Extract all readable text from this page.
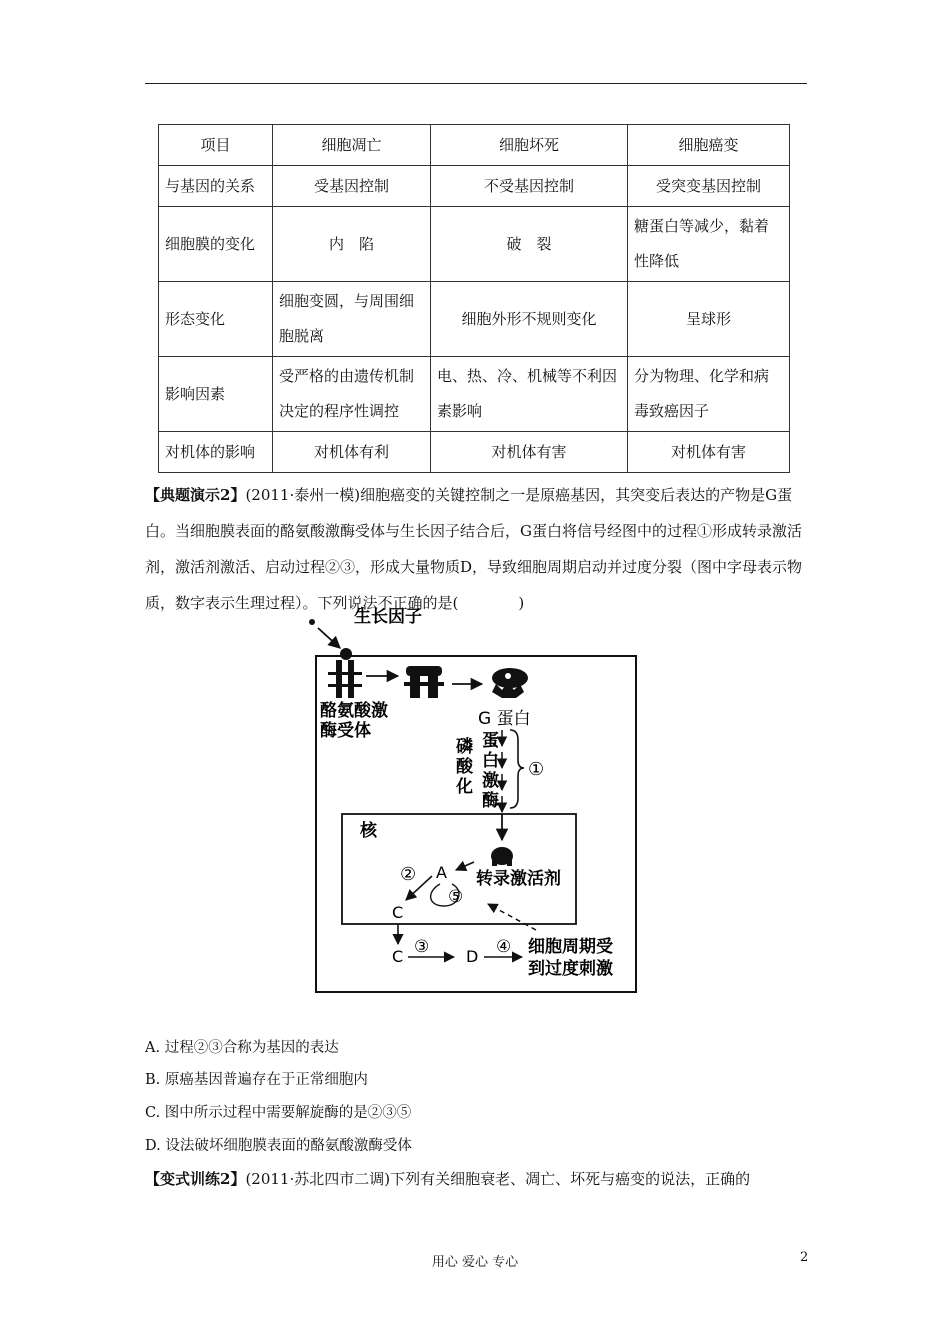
项目	细胞凋亡	细胞坏死	细胞癌变
与基因的关系	受基因控制	不受基因控制	受突变基因控制
细胞膜的变化	内　陷	破　裂	糖蛋白等减少，黏着性降低
形态变化	细胞变圆，与周围细胞脱离	细胞外形不规则变化	呈球形
影响因素	受严格的由遗传机制决定的程序性调控	电、热、冷、机械等不利因素影响	分为物理、化学和病毒致癌因子
对机体的影响	对机体有利	对机体有害	对机体有害

【典题演示2】(2011·泰州一模)细胞癌变的关键控制之一是原癌基因，其突变后表达的产物是G蛋白。当细胞膜表面的酪氨酸激酶受体与生长因子结合后，G蛋白将信号经图中的过程①形成转录激活剂，激活剂激活、启动过程②③，形成大量物质D，导致细胞周期启动并过度分裂（图中字母表示物质，数字表示生理过程）。下列说法不正确的是(　　　　)

生长因子
G 蛋白
酪氨酸激
酶受体
磷
酸
化
蛋
白
激
酶
①
核
转录激活剂
A
⑤
②
C
C ③ D ④ 细胞周期受
到过度刺激
A. 过程②③合称为基因的表达
B. 原癌基因普遍存在于正常细胞内
C. 图中所示过程中需要解旋酶的是②③⑤
D. 设法破坏细胞膜表面的酪氨酸激酶受体

【变式训练2】(2011·苏北四市二调)下列有关细胞衰老、凋亡、坏死与癌变的说法，正确的

用心 爱心 专心	2
